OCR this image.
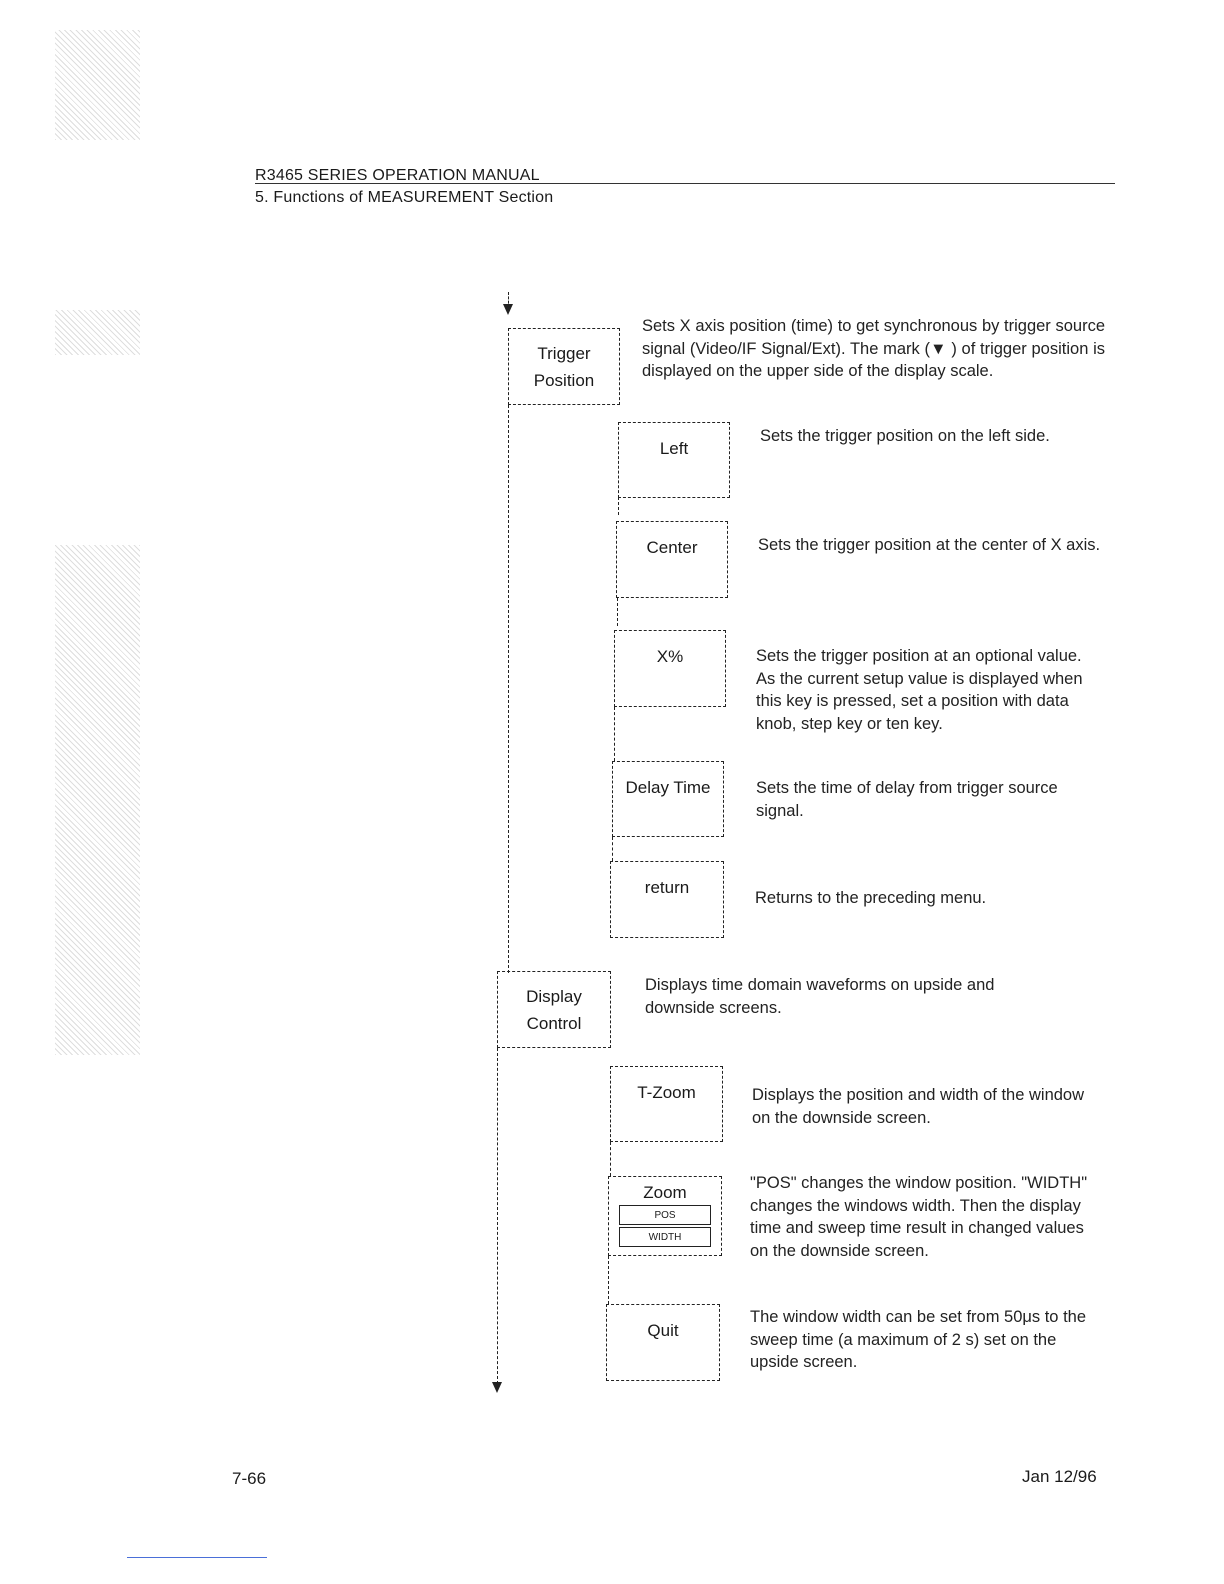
R3465 SERIES OPERATION MANUAL
5. Functions of MEASUREMENT Section
Trigger
Position
Sets X axis position (time) to get synchronous by trigger source signal (Video/IF Signal/Ext). The mark (▼ ) of trigger position is displayed on the upper side of the display scale.
Left
Sets the trigger position on the left side.
Center	Sets the trigger position at the center of X axis.
X%	Sets the trigger position at an optional value. As the current setup value is displayed when this key is pressed, set a position with data knob, step key or ten key.
Delay Time	Sets the time of delay from trigger source signal.
return
Returns to the preceding menu.
Display
Control
Displays time domain waveforms on upside and downside screens.
T-Zoom	Displays the position and width of the window on the downside screen.
Zoom
POS
WIDTH
"POS" changes the window position. "WIDTH" changes the windows width. Then the display time and sweep time result in changed values on the downside screen.
Quit
The window width can be set from 50μs to the sweep time (a maximum of 2 s) set on the upside screen.
7-66	Jan 12/96
